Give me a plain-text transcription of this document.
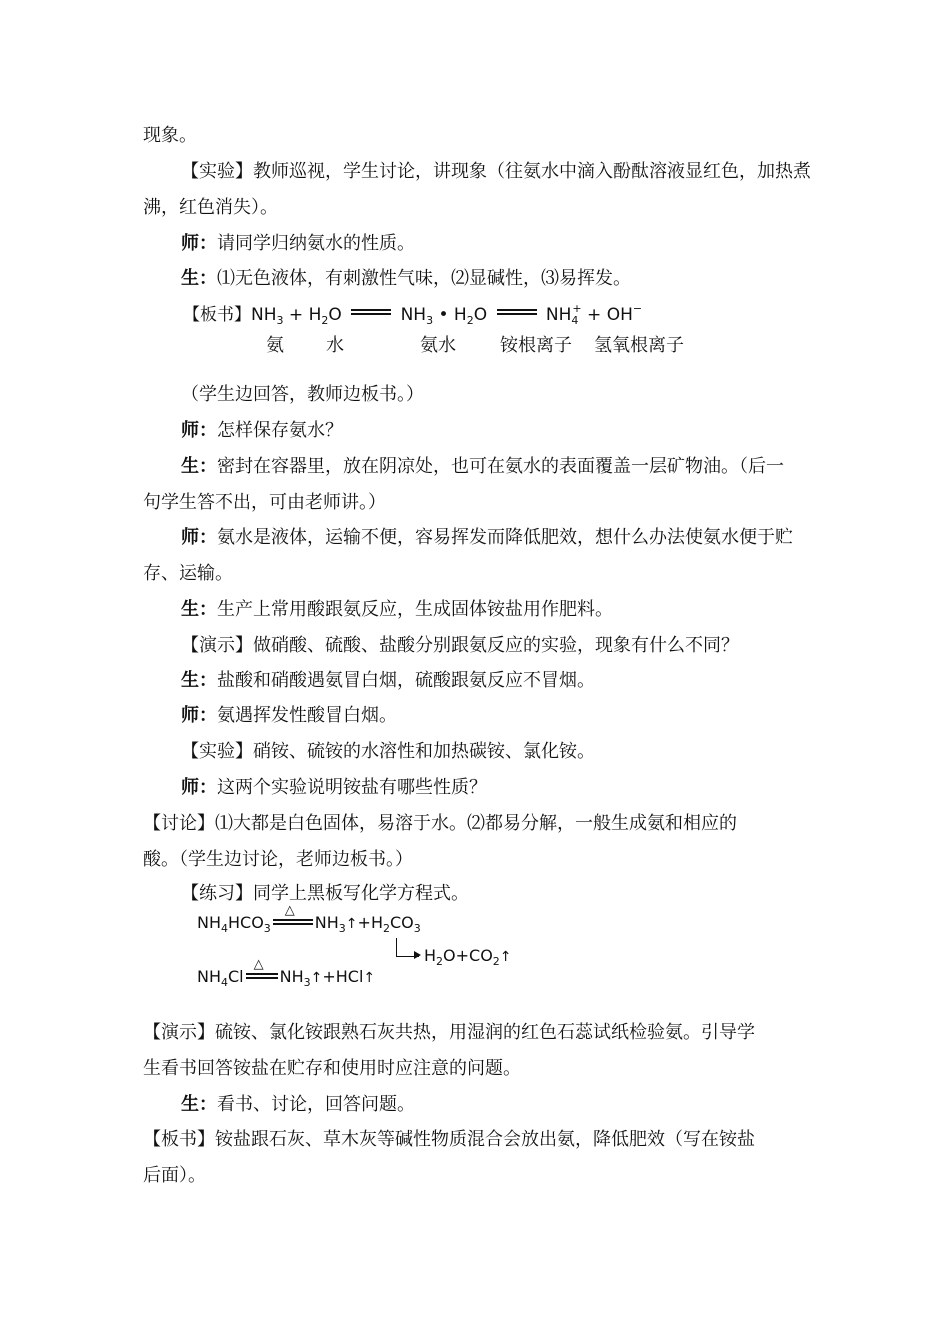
现象。
【实验】教师巡视，学生讨论，讲现象（往氨水中滴入酚酞溶液显红色，加热煮
沸，红色消失）。
师：请同学归纳氨水的性质。
生：⑴无色液体，有刺激性气味，⑵显碱性，⑶易挥发。
【板书】$NH_3 + H_2O$	$NH_3$ • $H_2O$	$NH_4^+ + OH^-$
氨 水	氨水 铵根离子 氢氧根离子
（学生边回答，教师边板书。）
师：怎样保存氨水？
生：密封在容器里，放在阴凉处，也可在氨水的表面覆盖一层矿物油。（后一
句学生答不出，可由老师讲。）
师：氨水是液体，运输不便，容易挥发而降低肥效，想什么办法使氨水便于贮
存、运输。
生：生产上常用酸跟氨反应，生成固体铵盐用作肥料。
【演示】做硝酸、硫酸、盐酸分别跟氨反应的实验，现象有什么不同？
生：盐酸和硝酸遇氨冒白烟，硫酸跟氨反应不冒烟。
师：氨遇挥发性酸冒白烟。
【实验】硝铵、硫铵的水溶性和加热碳铵、氯化铵。
师：这两个实验说明铵盐有哪些性质？
【讨论】⑴大都是白色固体，易溶于水。⑵都易分解，一般生成氨和相应的
酸。（学生边讨论，老师边板书。）
【练习】同学上黑板写化学方程式。
$NH_4HCO_3$
△
$NH_3↑+H_2CO_3$
$H_2O+CO_2↑$
$NH_4Cl$
△
$NH_3↑+HCl↑$
【演示】硫铵、氯化铵跟熟石灰共热，用湿润的红色石蕊试纸检验氨。引导学
生看书回答铵盐在贮存和使用时应注意的问题。
生：看书、讨论，回答问题。
【板书】铵盐跟石灰、草木灰等碱性物质混合会放出氨，降低肥效（写在铵盐
后面）。
